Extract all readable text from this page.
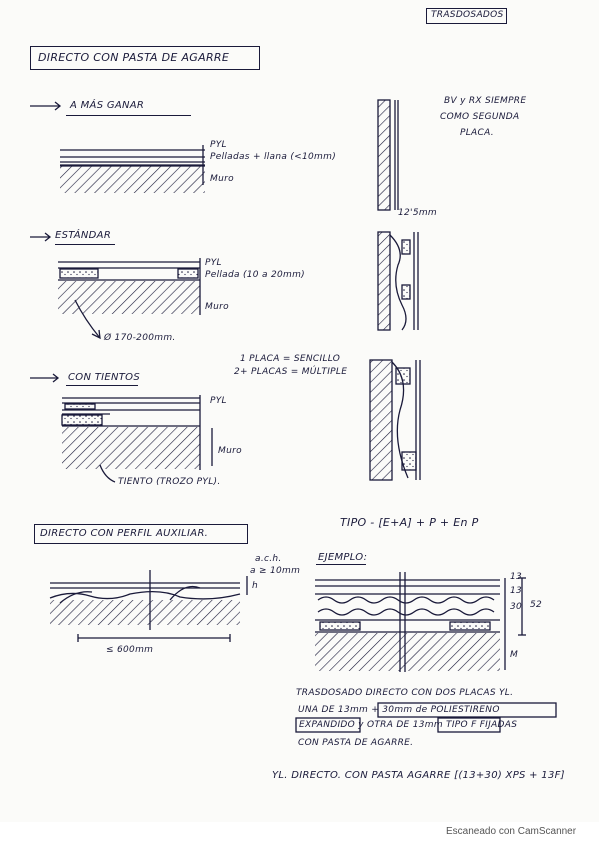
TRASDOSADOS
DIRECTO CON PASTA DE AGARRE
A MÁS GANAR
PYL
Pelladas + llana (<10mm)
Muro
ESTÁNDAR
PYL
Pellada (10 a 20mm)
Muro
Ø 170-200mm.
CON TIENTOS
PYL
Muro
TIENTO (TROZO PYL).
BV y RX SIEMPRE
COMO SEGUNDA
PLACA.
12'5mm
1 PLACA = SENCILLO
2+ PLACAS = MÚLTIPLE
DIRECTO CON PERFIL AUXILIAR.
a.c.h.
a ≥ 10mm
h
≤ 600mm
TIPO - [E+A] + P + En P
EJEMPLO:
13
13
30 52
M
TRASDOSADO DIRECTO CON DOS PLACAS YL.
UNA DE 13mm + 30mm de POLIESTIRENO
EXPANDIDO y OTRA DE 13mm TIPO F FIJADAS
CON PASTA DE AGARRE.
YL. DIRECTO. CON PASTA AGARRE [(13+30) XPS + 13F]
Escaneado con CamScanner
